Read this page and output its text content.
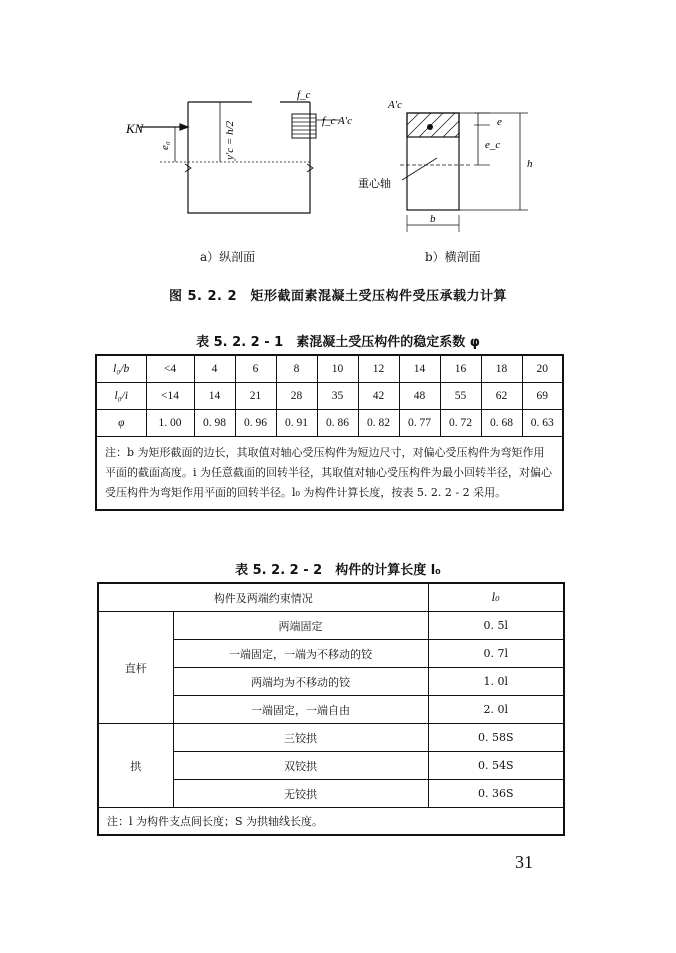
KN
e₀	y′c = h/2
f_c
f_c A′c
A′c
e
e_c
h
b
重心轴
a）纵剖面	b）横剖面
图 5. 2. 2　矩形截面素混凝土受压构件受压承载力计算
表 5. 2. 2 - 1　素混凝土受压构件的稳定系数 φ
l₀/b	<4	4	6	8	10	12	14	16	18	20
l₀/i	<14	14	21	28	35	42	48	55	62	69
φ	1. 00	0. 98	0. 96	0. 91	0. 86	0. 82	0. 77	0. 72	0. 68	0. 63
注：b 为矩形截面的边长，其取值对轴心受压构件为短边尺寸，对偏心受压构件为弯矩作用平面的截面高度。i 为任意截面的回转半径，其取值对轴心受压构件为最小回转半径，对偏心受压构件为弯矩作用平面的回转半径。l₀ 为构件计算长度，按表 5. 2. 2 - 2 采用。										
表 5. 2. 2 - 2　构件的计算长度 l₀
构件及两端约束情况		l₀
直杆	两端固定	0. 5l
	一端固定，一端为不移动的铰	0. 7l
	两端均为不移动的铰	1. 0l
	一端固定，一端自由	2. 0l
拱	三铰拱	0. 58S
	双铰拱	0. 54S
	无铰拱	0. 36S
注：l 为构件支点间长度；S 为拱轴线长度。		
31
